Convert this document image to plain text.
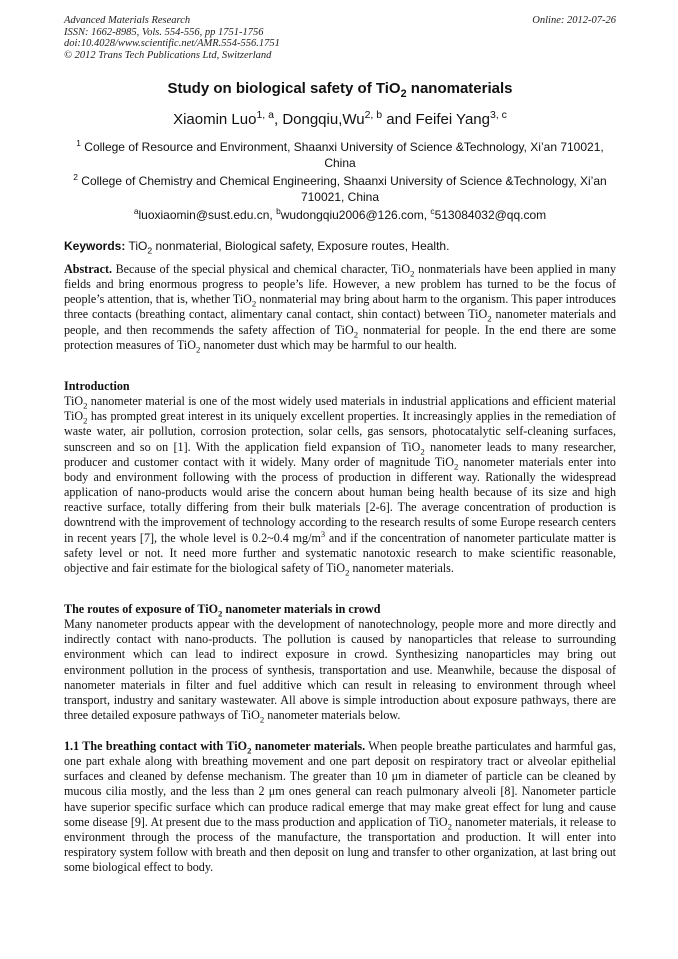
Advanced Materials Research
ISSN: 1662-8985, Vols. 554-556, pp 1751-1756
doi:10.4028/www.scientific.net/AMR.554-556.1751
© 2012 Trans Tech Publications Ltd, Switzerland
Online: 2012-07-26
Study on biological safety of TiO$_2$ nanomaterials
Xiaomin Luo$^{1, a}$, Dongqiu,Wu$^{2, b}$ and Feifei Yang$^{3, c}$
$^1$ College of Resource and Environment, Shaanxi University of Science &Technology, Xi’an 710021, China
$^2$ College of Chemistry and Chemical Engineering, Shaanxi University of Science &Technology, Xi’an 710021, China
$^a$luoxiaomin@sust.edu.cn, $^b$wudongqiu2006@126.com, $^c$513084032@qq.com
Keywords: TiO$_2$ nonmaterial, Biological safety, Exposure routes, Health.
Abstract. Because of the special physical and chemical character, TiO$_2$ nonmaterials have been applied in many fields and bring enormous progress to people’s life. However, a new problem has turned to be the focus of people’s attention, that is, whether TiO$_2$ nonmaterial may bring about harm to the organism. This paper introduces three contacts (breathing contact, alimentary canal contact, shin contact) between TiO$_2$ nanometer materials and people, and then recommends the safety affection of TiO$_2$ nonmaterial for people. In the end there are some protection measures of TiO$_2$ nanometer dust which may be harmful to our health.
Introduction
TiO$_2$ nanometer material is one of the most widely used materials in industrial applications and efficient material TiO$_2$ has prompted great interest in its uniquely excellent properties. It increasingly applies in the remediation of waste water, air pollution, corrosion protection, solar cells, gas sensors, photocatalytic self-cleaning surfaces, sunscreen and so on [1]. With the application field expansion of TiO$_2$ nanometer leads to many researcher, producer and customer contact with it widely. Many order of magnitude TiO$_2$ nanometer materials enter into body and environment following with the process of production in different way. Rationally the widespread application of nano-products would arise the concern about human being health because of its size and high reactive surface, totally differing from their bulk materials [2-6]. The average concentration of production is downtrend with the improvement of technology according to the research results of some Europe research centers in recent years [7], the whole level is 0.2~0.4 $mg/m^3$ and if the concentration of nanometer particulate matter is safety level or not. It need more further and systematic nanotoxic research to make scientific reasonable, objective and fair estimate for the biological safety of TiO$_2$ nanometer materials.
The routes of exposure of TiO$_2$ nanometer materials in crowd
Many nanometer products appear with the development of nanotechnology, people more and more directly and indirectly contact with nano-products. The pollution is caused by nanoparticles that release to surrounding environment which can lead to indirect exposure in crowd. Synthesizing nanoparticles may bring out environment pollution in the process of synthesis, transportation and use. Meanwhile, because the disposal of nanometer materials in filter and fuel additive which can result in releasing to environment through wheel transport, industry and sanitary wastewater. All above is simple introduction about exposure pathways, there are three detailed exposure pathways of TiO$_2$ nanometer materials below.
1.1 The breathing contact with TiO$_2$ nanometer materials. When people breathe particulates and harmful gas, one part exhale along with breathing movement and one part deposit on respiratory tract or alveolar epithelial surfaces and cleaned by defense mechanism. The greater than 10 μm in diameter of particle can be cleaned by mucous cilia mostly, and the less than 2 μm ones general can reach pulmonary alveoli [8]. Nanometer particle have superior specific surface which can produce radical emerge that may make great effect for lung and cause some disease [9]. At present due to the mass production and application of TiO$_2$ nanometer materials, it release to environment through the process of the manufacture, the transportation and production. It will enter into respiratory system follow with breath and then deposit on lung and transfer to other organization, at last bring out some biological effect to body.
